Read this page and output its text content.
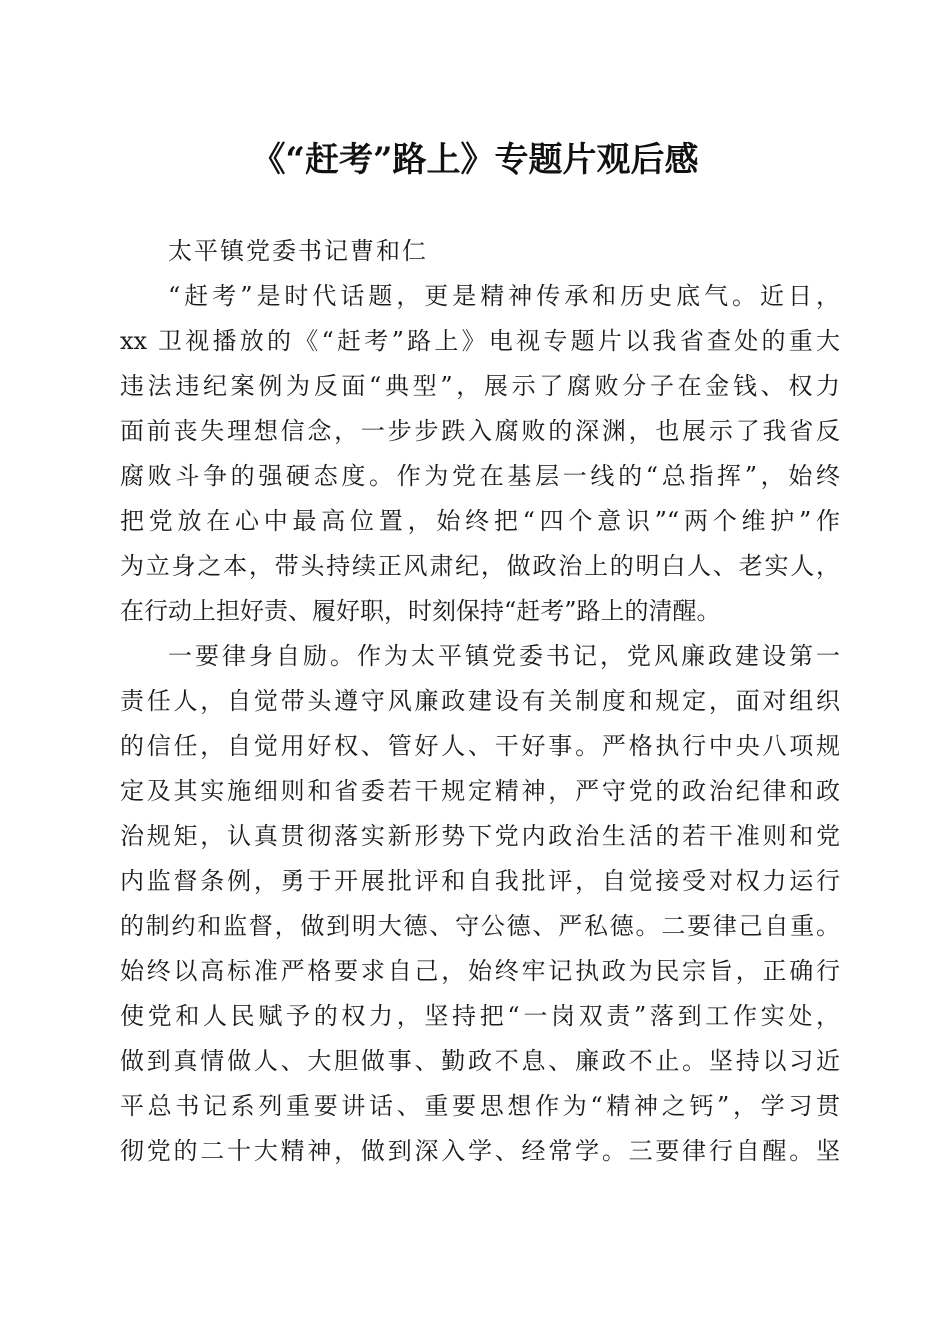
《“赶考”路上》专题片观后感
太平镇党委书记曹和仁
“赶考”是时代话题，更是精神传承和历史底气。近日，
xx 卫视播放的《“赶考”路上》电视专题片以我省查处的重大
违法违纪案例为反面“典型”，展示了腐败分子在金钱、权力
面前丧失理想信念，一步步跌入腐败的深渊，也展示了我省反
腐败斗争的强硬态度。作为党在基层一线的“总指挥”，始终
把党放在心中最高位置，始终把“四个意识”“两个维护”作
为立身之本，带头持续正风肃纪，做政治上的明白人、老实人，
在行动上担好责、履好职，时刻保持“赶考”路上的清醒。
一要律身自励。作为太平镇党委书记，党风廉政建设第一
责任人，自觉带头遵守风廉政建设有关制度和规定，面对组织
的信任，自觉用好权、管好人、干好事。严格执行中央八项规
定及其实施细则和省委若干规定精神，严守党的政治纪律和政
治规矩，认真贯彻落实新形势下党内政治生活的若干准则和党
内监督条例，勇于开展批评和自我批评，自觉接受对权力运行
的制约和监督，做到明大德、守公德、严私德。二要律己自重。
始终以高标准严格要求自己，始终牢记执政为民宗旨，正确行
使党和人民赋予的权力，坚持把“一岗双责”落到工作实处，
做到真情做人、大胆做事、勤政不息、廉政不止。坚持以习近
平总书记系列重要讲话、重要思想作为“精神之钙”，学习贯
彻党的二十大精神，做到深入学、经常学。三要律行自醒。坚
